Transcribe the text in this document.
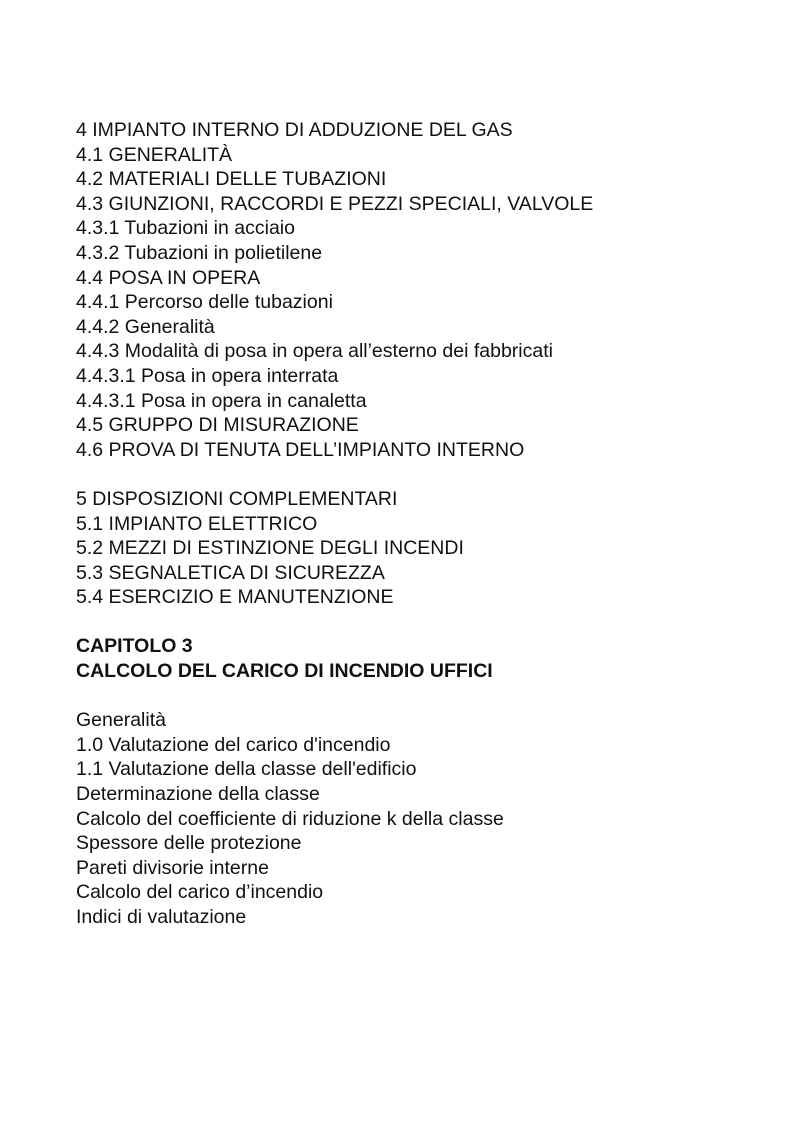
4 IMPIANTO INTERNO DI ADDUZIONE DEL GAS
4.1 GENERALITÀ
4.2 MATERIALI DELLE TUBAZIONI
4.3 GIUNZIONI, RACCORDI E PEZZI SPECIALI, VALVOLE
4.3.1 Tubazioni in acciaio
4.3.2 Tubazioni in polietilene
4.4 POSA IN OPERA
4.4.1 Percorso delle tubazioni
4.4.2 Generalità
4.4.3 Modalità di posa in opera all’esterno dei fabbricati
4.4.3.1 Posa in opera interrata
4.4.3.1 Posa in opera in canaletta
4.5 GRUPPO DI MISURAZIONE
4.6 PROVA DI TENUTA DELL’IMPIANTO INTERNO
5 DISPOSIZIONI COMPLEMENTARI
5.1 IMPIANTO ELETTRICO
5.2 MEZZI DI ESTINZIONE DEGLI INCENDI
5.3 SEGNALETICA DI SICUREZZA
5.4 ESERCIZIO E MANUTENZIONE
CAPITOLO 3
CALCOLO DEL CARICO DI INCENDIO UFFICI
Generalità
1.0 Valutazione del carico d'incendio
1.1 Valutazione della classe dell'edificio
Determinazione della classe
Calcolo del coefficiente di riduzione k della classe
Spessore delle protezione
Pareti divisorie interne
Calcolo del carico d’incendio
Indici di valutazione
